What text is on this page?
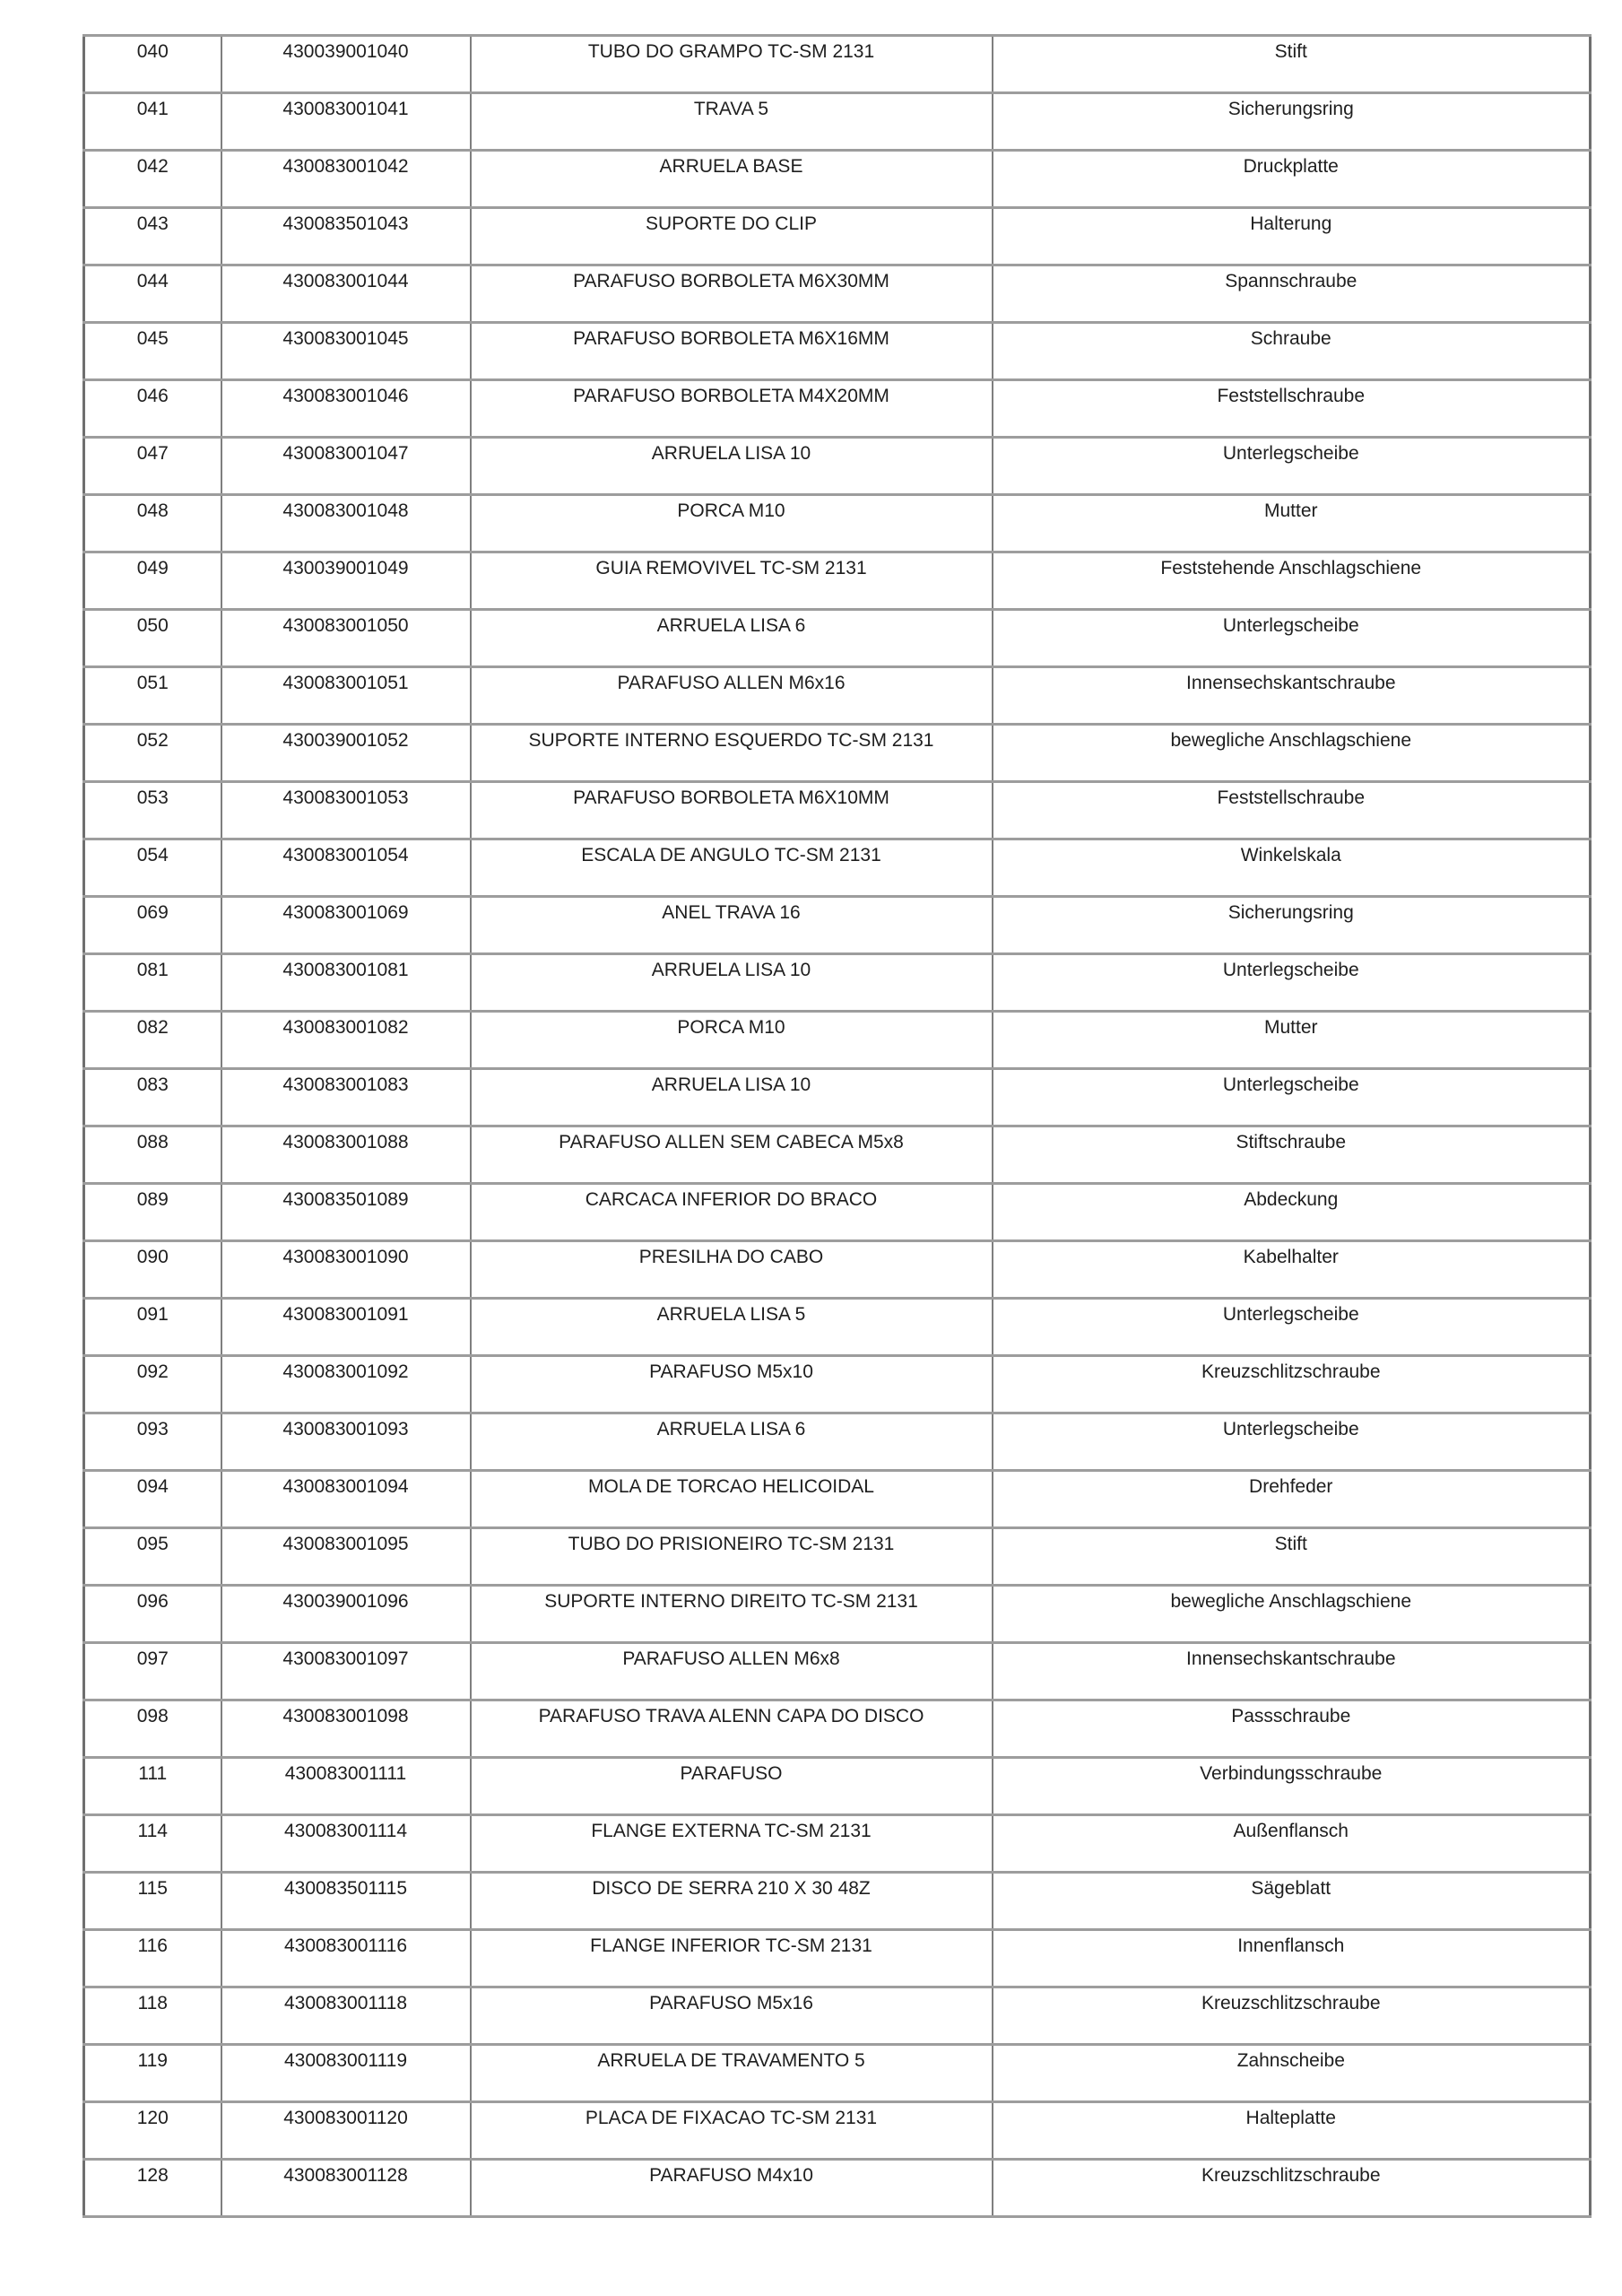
040	430039001040	TUBO DO GRAMPO TC-SM 2131	Stift
041	430083001041	TRAVA 5	Sicherungsring
042	430083001042	ARRUELA BASE	Druckplatte
043	430083501043	SUPORTE DO CLIP	Halterung
044	430083001044	PARAFUSO BORBOLETA M6X30MM	Spannschraube
045	430083001045	PARAFUSO BORBOLETA M6X16MM	Schraube
046	430083001046	PARAFUSO BORBOLETA M4X20MM	Feststellschraube
047	430083001047	ARRUELA LISA 10	Unterlegscheibe
048	430083001048	PORCA M10	Mutter
049	430039001049	GUIA REMOVIVEL TC-SM 2131	Feststehende Anschlagschiene
050	430083001050	ARRUELA LISA 6	Unterlegscheibe
051	430083001051	PARAFUSO ALLEN M6x16	Innensechskantschraube
052	430039001052	SUPORTE INTERNO ESQUERDO TC-SM 2131	bewegliche Anschlagschiene
053	430083001053	PARAFUSO BORBOLETA M6X10MM	Feststellschraube
054	430083001054	ESCALA DE ANGULO TC-SM 2131	Winkelskala
069	430083001069	ANEL TRAVA 16	Sicherungsring
081	430083001081	ARRUELA LISA 10	Unterlegscheibe
082	430083001082	PORCA M10	Mutter
083	430083001083	ARRUELA LISA 10	Unterlegscheibe
088	430083001088	PARAFUSO ALLEN SEM CABECA M5x8	Stiftschraube
089	430083501089	CARCACA INFERIOR DO BRACO	Abdeckung
090	430083001090	PRESILHA DO CABO	Kabelhalter
091	430083001091	ARRUELA LISA 5	Unterlegscheibe
092	430083001092	PARAFUSO M5x10	Kreuzschlitzschraube
093	430083001093	ARRUELA LISA 6	Unterlegscheibe
094	430083001094	MOLA DE TORCAO HELICOIDAL	Drehfeder
095	430083001095	TUBO DO PRISIONEIRO TC-SM 2131	Stift
096	430039001096	SUPORTE INTERNO DIREITO TC-SM 2131	bewegliche Anschlagschiene
097	430083001097	PARAFUSO ALLEN M6x8	Innensechskantschraube
098	430083001098	PARAFUSO TRAVA ALENN CAPA DO DISCO	Passschraube
111	430083001111	PARAFUSO	Verbindungsschraube
114	430083001114	FLANGE EXTERNA TC-SM 2131	Außenflansch
115	430083501115	DISCO DE SERRA 210 X 30 48Z	Sägeblatt
116	430083001116	FLANGE INFERIOR TC-SM 2131	Innenflansch
118	430083001118	PARAFUSO M5x16	Kreuzschlitzschraube
119	430083001119	ARRUELA DE TRAVAMENTO 5	Zahnscheibe
120	430083001120	PLACA DE FIXACAO TC-SM 2131	Halteplatte
128	430083001128	PARAFUSO M4x10	Kreuzschlitzschraube
